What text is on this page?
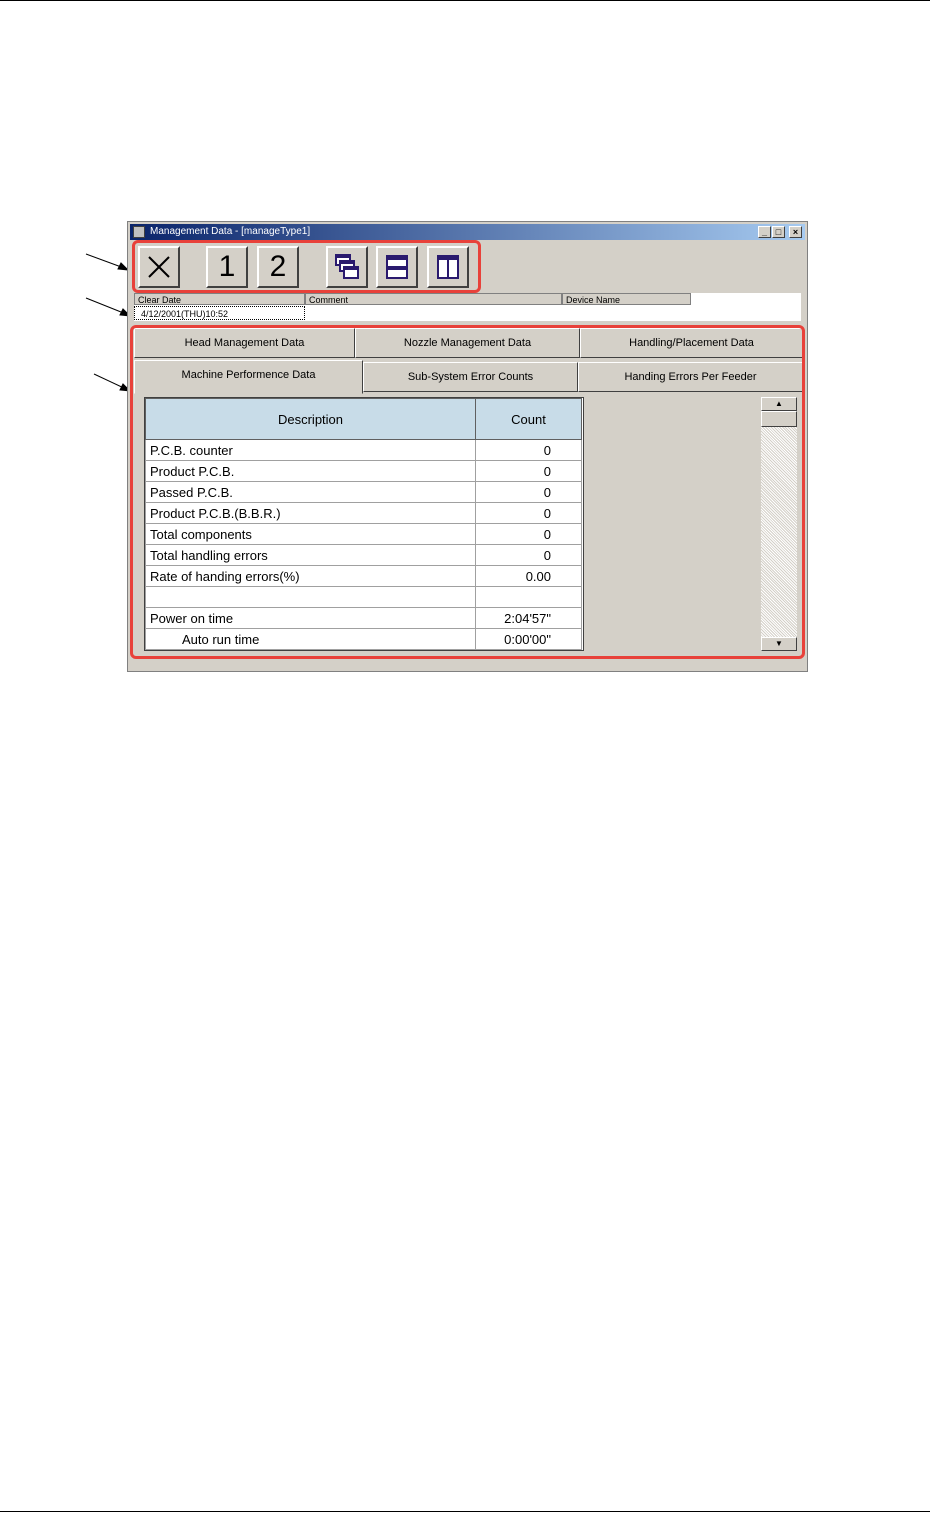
Management Data - [manageType1]	_ □	×
1	2
Clear Date
4/12/2001(THU)10:52
Comment	Device Name
Head Management Data	Nozzle Management Data	Handling/Placement Data
Machine Performence Data	Sub-System Error Counts	Handing Errors Per Feeder
Description	Count
P.C.B. counter	0
Product P.C.B.	0
Passed P.C.B.	0
Product P.C.B.(B.B.R.)	0
Total components	0
Total handling errors	0
Rate of handing errors(%)	0.00

Power on time	2:04'57"
Auto run time	0:00'00"
▲
▼
